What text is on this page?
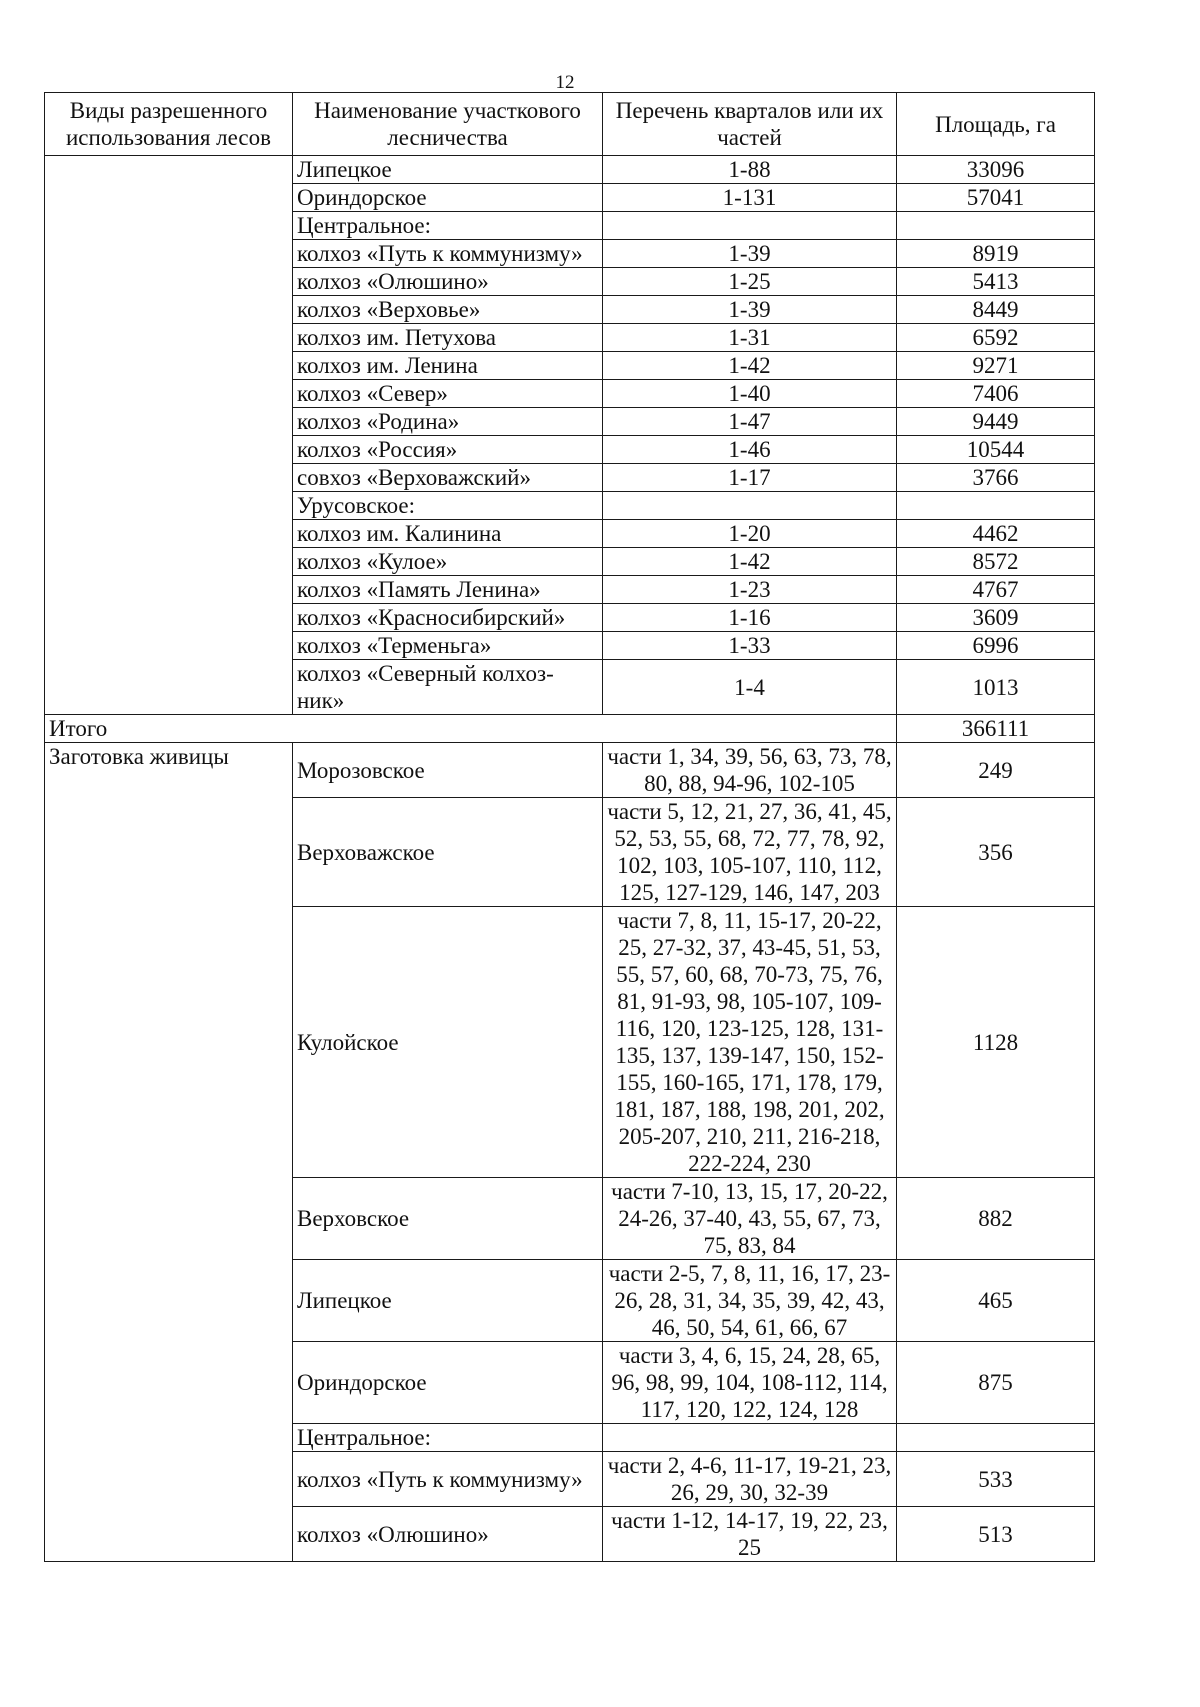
12
Виды разрешенного использования лесов	Наименование участкового лесничества	Перечень кварталов или их частей	Площадь, га
	Липецкое	1-88	33096
	Ориндорское	1-131	57041
	Центральное:		
	колхоз «Путь к коммунизму»	1-39	8919
	колхоз «Олюшино»	1-25	5413
	колхоз «Верховье»	1-39	8449
	колхоз им. Петухова	1-31	6592
	колхоз им. Ленина	1-42	9271
	колхоз «Север»	1-40	7406
	колхоз «Родина»	1-47	9449
	колхоз «Россия»	1-46	10544
	совхоз «Верховажский»	1-17	3766
	Урусовское:		
	колхоз им. Калинина	1-20	4462
	колхоз «Кулое»	1-42	8572
	колхоз «Память Ленина»	1-23	4767
	колхоз «Красносибирский»	1-16	3609
	колхоз «Терменьга»	1-33	6996
	колхоз «Северный колхоз-ник»	1-4	1013
Итого			366111
Заготовка живицы	Морозовское	части 1, 34, 39, 56, 63, 73, 78, 80, 88, 94-96, 102-105	249
	Верховажское	части 5, 12, 21, 27, 36, 41, 45, 52, 53, 55, 68, 72, 77, 78, 92, 102, 103, 105-107, 110, 112, 125, 127-129, 146, 147, 203	356
	Кулойское	части 7, 8, 11, 15-17, 20-22, 25, 27-32, 37, 43-45, 51, 53, 55, 57, 60, 68, 70-73, 75, 76, 81, 91-93, 98, 105-107, 109-116, 120, 123-125, 128, 131-135, 137, 139-147, 150, 152-155, 160-165, 171, 178, 179, 181, 187, 188, 198, 201, 202, 205-207, 210, 211, 216-218, 222-224, 230	1128
	Верховское	части 7-10, 13, 15, 17, 20-22, 24-26, 37-40, 43, 55, 67, 73, 75, 83, 84	882
	Липецкое	части 2-5, 7, 8, 11, 16, 17, 23-26, 28, 31, 34, 35, 39, 42, 43, 46, 50, 54, 61, 66, 67	465
	Ориндорское	части 3, 4, 6, 15, 24, 28, 65, 96, 98, 99, 104, 108-112, 114, 117, 120, 122, 124, 128	875
	Центральное:		
	колхоз «Путь к коммунизму»	части 2, 4-6, 11-17, 19-21, 23, 26, 29, 30, 32-39	533
	колхоз «Олюшино»	части 1-12, 14-17, 19, 22, 23, 25	513
